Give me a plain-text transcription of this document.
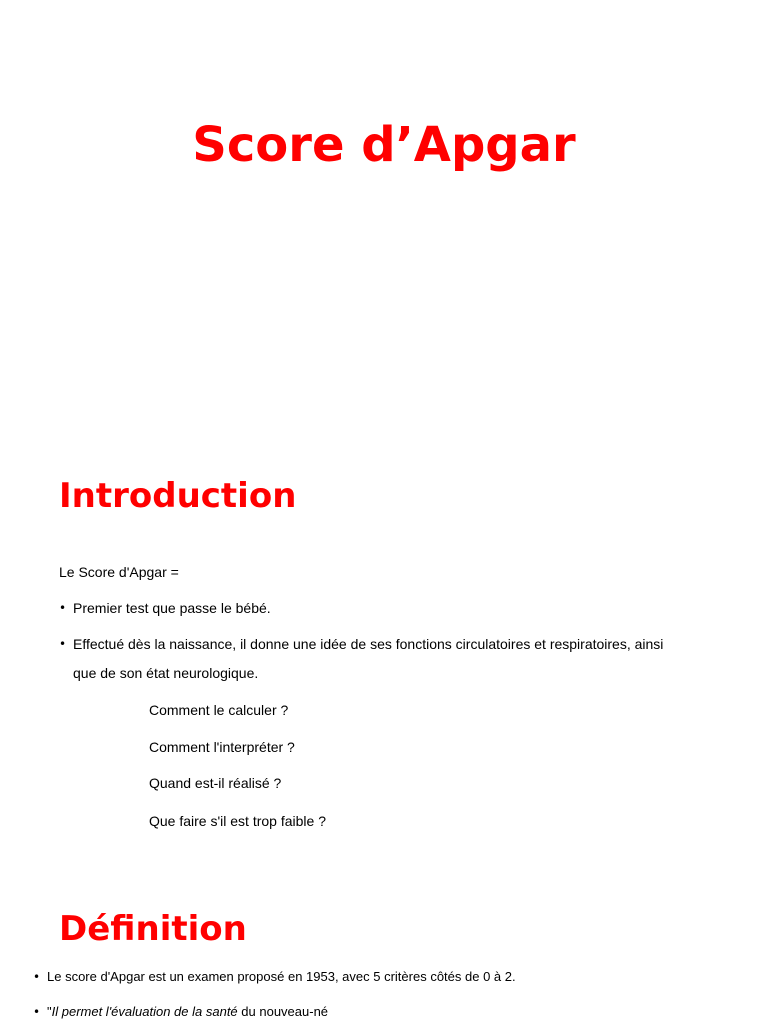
Score d’Apgar
Introduction
Le Score d'Apgar =
• Premier test que passe le bébé.
• Effectué dès la naissance, il donne une idée de ses fonctions circulatoires et respiratoires, ainsi
que de son état neurologique.
Comment le calculer ?
Comment l'interpréter ?
Quand est-il réalisé ?
Que faire s'il est trop faible ?
Définition
• Le score d'Apgar est un examen proposé en 1953, avec 5 critères côtés de 0 à 2.
• "Il permet l'évaluation de la santé du nouveau-né
